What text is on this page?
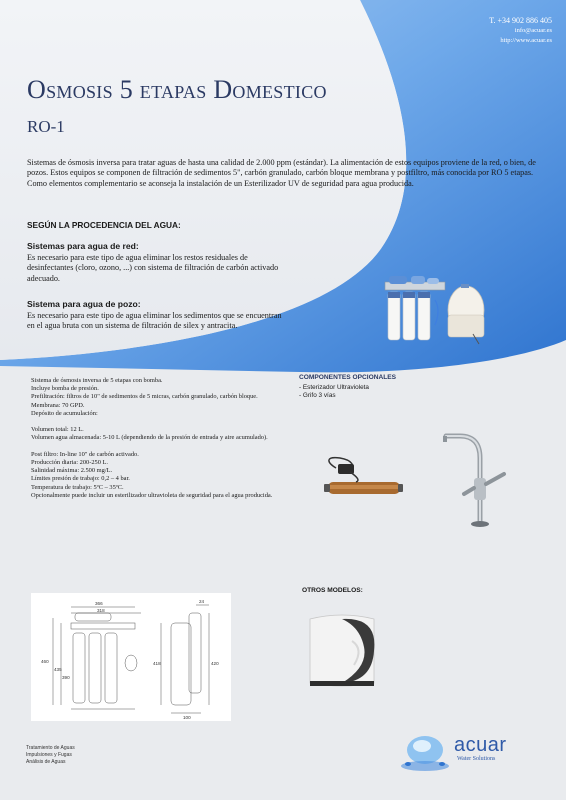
T. +34 902 886 405
info@acuar.es
http://www.acuar.es
Osmosis 5 etapas Domestico
RO-1
Sistemas de ósmosis inversa para tratar aguas de hasta una calidad de 2.000 ppm (estándar). La alimentación de estos equipos proviene de la red, o bien, de pozos. Estos equipos se componen de filtración de sedimentos 5", carbón granulado, carbón bloque membrana y postfiltro, más conocida por RO 5 etapas. Como elementos complementario se aconseja la instalación de un Esterilizador UV de seguridad para agua producida.
SEGÚN LA PROCEDENCIA DEL AGUA:
Sistemas para agua de red:
Es necesario para este tipo de agua eliminar los restos residuales de desinfectantes (cloro, ozono, ...) con sistema de filtración de carbón activado adecuado.
Sistema para agua de pozo:
Es necesario para este tipo de agua eliminar los sedimentos que se encuentran en el agua bruta con un sistema de filtración de silex y antracita.
Sistema de ósmosis inversa de 5 etapas con bomba.
Incluye bomba de presión.
Prefiltración: filtros de 10" de sedimentos de 5 micras, carbón granulado, carbón bloque.
Membrana: 70 GPD.
Depósito de acumulación:

Volumen total: 12 L.
Volumen agua almacenada: 5-10 L (dependiendo de la presión de entrada y aire acumulado).

Post filtro: In-line 10" de carbón activado.
Producción diaria: 200-250 L.
Salinidad máxima: 2.500 mg/L.
Límites presión de trabajo: 0,2 – 4 bar.
Temperatura de trabajo: 5ºC – 35ºC.
Opcionalmente puede incluir un esterilizador ultravioleta de seguridad para el agua producida.
COMPONENTES OPCIONALES
- Esterizador Ultravioleta
- Grifo 3 vías
366
318
24
460
435
390
418	420
100
OTROS MODELOS:
Tratamiento de Aguas
Impulsiones y Fugas
Análisis de Aguas
acuar
Water Solutions
